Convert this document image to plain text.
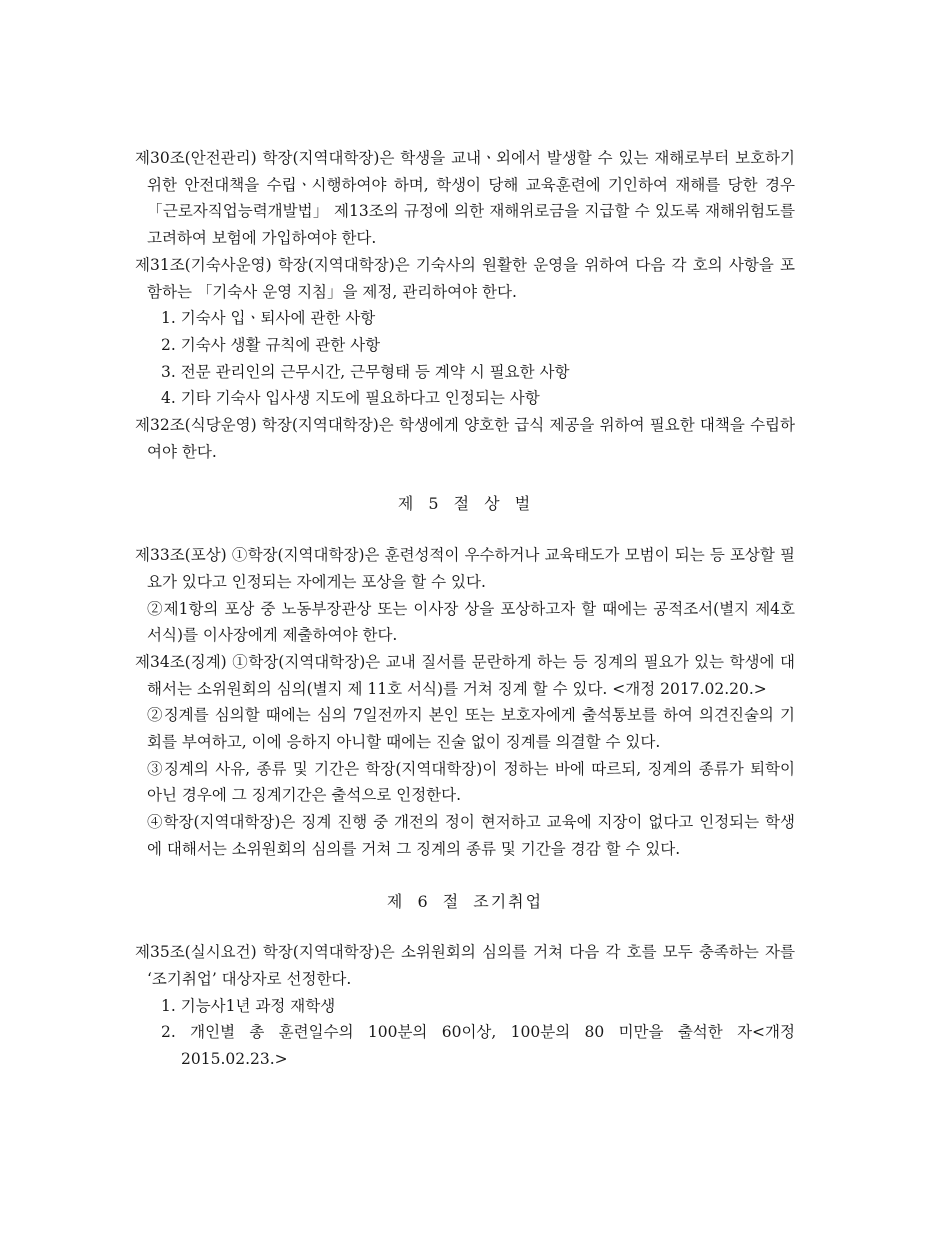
제30조(안전관리) 학장(지역대학장)은 학생을 교내ㆍ외에서 발생할 수 있는 재해로부터 보호하기 위한 안전대책을 수립ㆍ시행하여야 하며, 학생이 당해 교육훈련에 기인하여 재해를 당한 경우 「근로자직업능력개발법」 제13조의 규정에 의한 재해위로금을 지급할 수 있도록 재해위험도를 고려하여 보험에 가입하여야 한다.

제31조(기숙사운영) 학장(지역대학장)은 기숙사의 원활한 운영을 위하여 다음 각 호의 사항을 포함하는 「기숙사 운영 지침」을 제정, 관리하여야 한다.

1. 기숙사 입ㆍ퇴사에 관한 사항

2. 기숙사 생활 규칙에 관한 사항

3. 전문 관리인의 근무시간, 근무형태 등 계약 시 필요한 사항

4. 기타 기숙사 입사생 지도에 필요하다고 인정되는 사항

제32조(식당운영) 학장(지역대학장)은 학생에게 양호한 급식 제공을 위하여 필요한 대책을 수립하여야 한다.

제 5 절 상 벌

제33조(포상) ①학장(지역대학장)은 훈련성적이 우수하거나 교육태도가 모범이 되는 등 포상할 필요가 있다고 인정되는 자에게는 포상을 할 수 있다.

②제1항의 포상 중 노동부장관상 또는 이사장 상을 포상하고자 할 때에는 공적조서(별지 제4호 서식)를 이사장에게 제출하여야 한다.

제34조(징계) ①학장(지역대학장)은 교내 질서를 문란하게 하는 등 징계의 필요가 있는 학생에 대해서는 소위원회의 심의(별지 제 11호 서식)를 거쳐 징계 할 수 있다. <개정 2017.02.20.>

②징계를 심의할 때에는 심의 7일전까지 본인 또는 보호자에게 출석통보를 하여 의견진술의 기회를 부여하고, 이에 응하지 아니할 때에는 진술 없이 징계를 의결할 수 있다.

③징계의 사유, 종류 및 기간은 학장(지역대학장)이 정하는 바에 따르되, 징계의 종류가 퇴학이 아닌 경우에 그 징계기간은 출석으로 인정한다.

④학장(지역대학장)은 징계 진행 중 개전의 정이 현저하고 교육에 지장이 없다고 인정되는 학생에 대해서는 소위원회의 심의를 거쳐 그 징계의 종류 및 기간을 경감 할 수 있다.

제 6 절 조기취업

제35조(실시요건) 학장(지역대학장)은 소위원회의 심의를 거쳐 다음 각 호를 모두 충족하는 자를 ‘조기취업’ 대상자로 선정한다.

1. 기능사1년 과정 재학생

2. 개인별 총 훈련일수의 100분의 60이상, 100분의 80 미만을 출석한 자<개정 2015.02.23.>
